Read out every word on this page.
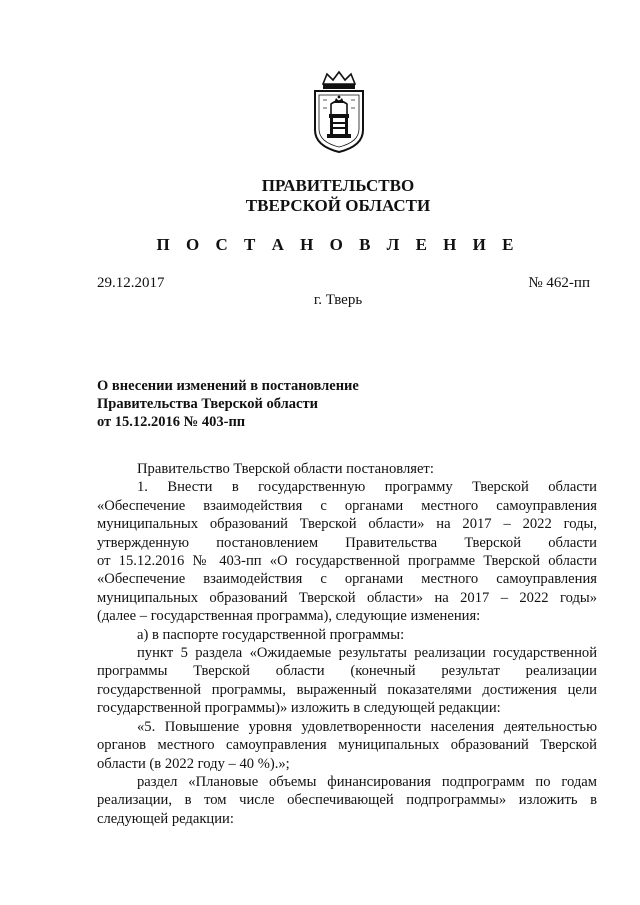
ПРАВИТЕЛЬСТВО
ТВЕРСКОЙ ОБЛАСТИ
П О С Т А Н О В Л Е Н И Е
29.12.2017	№ 462-пп
г. Тверь
О внесении изменений в постановление
Правительства Тверской области
от 15.12.2016 № 403-пп
Правительство Тверской области постановляет:
1. Внести в государственную программу Тверской области
«Обеспечение взаимодействия с органами местного самоуправления
муниципальных образований Тверской области» на 2017 – 2022 годы,
утвержденную постановлением Правительства Тверской области
от 15.12.2016 № 403-пп «О государственной программе Тверской области
«Обеспечение взаимодействия с органами местного самоуправления
муниципальных образований Тверской области» на 2017 – 2022 годы»
(далее – государственная программа), следующие изменения:
а) в паспорте государственной программы:
пункт 5 раздела «Ожидаемые результаты реализации государственной
программы Тверской области (конечный результат реализации
государственной программы, выраженный показателями достижения цели
государственной программы)» изложить в следующей редакции:
«5. Повышение уровня удовлетворенности населения деятельностью
органов местного самоуправления муниципальных образований Тверской
области (в 2022 году – 40 %).»;
раздел «Плановые объемы финансирования подпрограмм по годам
реализации, в том числе обеспечивающей подпрограммы» изложить в
следующей редакции:
